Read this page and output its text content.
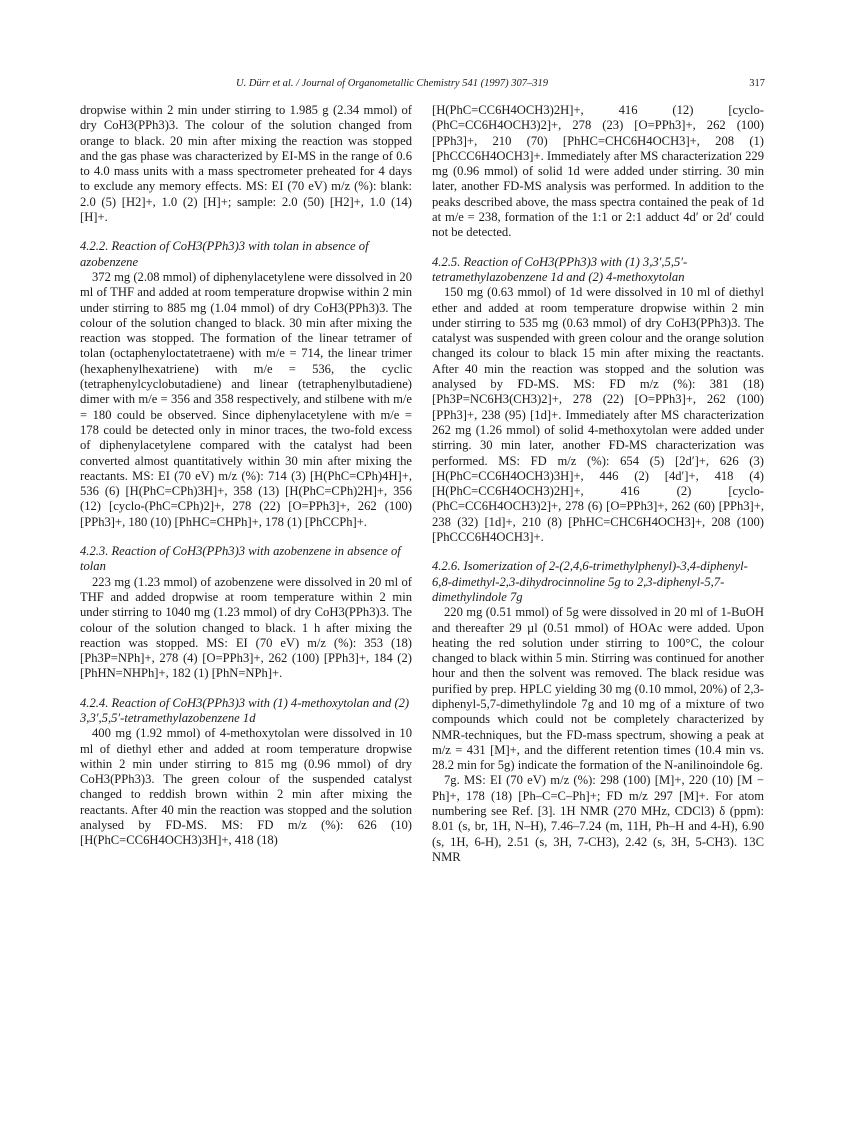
U. Dürr et al. / Journal of Organometallic Chemistry 541 (1997) 307–319	317

dropwise within 2 min under stirring to 1.985 g (2.34 mmol) of dry CoH3(PPh3)3. The colour of the solution changed from orange to black. 20 min after mixing the reaction was stopped and the gas phase was characterized by EI-MS in the range of 0.6 to 4.0 mass units with a mass spectrometer preheated for 4 days to exclude any memory effects. MS: EI (70 eV) m/z (%): blank: 2.0 (5) [H2]+, 1.0 (2) [H]+; sample: 2.0 (50) [H2]+, 1.0 (14) [H]+.

4.2.2. Reaction of CoH3(PPh3)3 with tolan in absence of azobenzene

372 mg (2.08 mmol) of diphenylacetylene were dissolved in 20 ml of THF and added at room temperature dropwise within 2 min under stirring to 885 mg (1.04 mmol) of dry CoH3(PPh3)3. The colour of the solution changed to black. 30 min after mixing the reaction was stopped. The formation of the linear tetramer of tolan (octaphenyloctatetraene) with m/e = 714, the linear trimer (hexaphenylhexatriene) with m/e = 536, the cyclic (tetraphenylcyclobutadiene) and linear (tetraphenylbutadiene) dimer with m/e = 356 and 358 respectively, and stilbene with m/e = 180 could be observed. Since diphenylacetylene with m/e = 178 could be detected only in minor traces, the two-fold excess of diphenylacetylene compared with the catalyst had been converted almost quantitatively within 30 min after mixing the reactants. MS: EI (70 eV) m/z (%): 714 (3) [H(PhC=CPh)4H]+, 536 (6) [H(PhC=CPh)3H]+, 358 (13) [H(PhC=CPh)2H]+, 356 (12) [cyclo-(PhC=CPh)2]+, 278 (22) [O=PPh3]+, 262 (100) [PPh3]+, 180 (10) [PhHC=CHPh]+, 178 (1) [PhCCPh]+.

4.2.3. Reaction of CoH3(PPh3)3 with azobenzene in absence of tolan

223 mg (1.23 mmol) of azobenzene were dissolved in 20 ml of THF and added dropwise at room temperature within 2 min under stirring to 1040 mg (1.23 mmol) of dry CoH3(PPh3)3. The colour of the solution changed to black. 1 h after mixing the reaction was stopped. MS: EI (70 eV) m/z (%): 353 (18) [Ph3P=NPh]+, 278 (4) [O=PPh3]+, 262 (100) [PPh3]+, 184 (2) [PhHN=NHPh]+, 182 (1) [PhN=NPh]+.

4.2.4. Reaction of CoH3(PPh3)3 with (1) 4-methoxytolan and (2) 3,3′,5,5′-tetramethylazobenzene 1d

400 mg (1.92 mmol) of 4-methoxytolan were dissolved in 10 ml of diethyl ether and added at room temperature dropwise within 2 min under stirring to 815 mg (0.96 mmol) of dry CoH3(PPh3)3. The green colour of the suspended catalyst changed to reddish brown within 2 min after mixing the reactants. After 40 min the reaction was stopped and the solution analysed by FD-MS. MS: FD m/z (%): 626 (10) [H(PhC=CC6H4OCH3)3H]+, 418 (18)

[H(PhC=CC6H4OCH3)2H]+, 416 (12) [cyclo-(PhC=CC6H4OCH3)2]+, 278 (23) [O=PPh3]+, 262 (100) [PPh3]+, 210 (70) [PhHC=CHC6H4OCH3]+, 208 (1) [PhCCC6H4OCH3]+. Immediately after MS characterization 229 mg (0.96 mmol) of solid 1d were added under stirring. 30 min later, another FD-MS analysis was performed. In addition to the peaks described above, the mass spectra contained the peak of 1d at m/e = 238, formation of the 1:1 or 2:1 adduct 4d′ or 2d′ could not be detected.

4.2.5. Reaction of CoH3(PPh3)3 with (1) 3,3′,5,5′-tetramethylazobenzene 1d and (2) 4-methoxytolan

150 mg (0.63 mmol) of 1d were dissolved in 10 ml of diethyl ether and added at room temperature dropwise within 2 min under stirring to 535 mg (0.63 mmol) of dry CoH3(PPh3)3. The catalyst was suspended with green colour and the orange solution changed its colour to black 15 min after mixing the reactants. After 40 min the reaction was stopped and the solution was analysed by FD-MS. MS: FD m/z (%): 381 (18) [Ph3P=NC6H3(CH3)2]+, 278 (22) [O=PPh3]+, 262 (100) [PPh3]+, 238 (95) [1d]+. Immediately after MS characterization 262 mg (1.26 mmol) of solid 4-methoxytolan were added under stirring. 30 min later, another FD-MS characterization was performed. MS: FD m/z (%): 654 (5) [2d′]+, 626 (3) [H(PhC=CC6H4OCH3)3H]+, 446 (2) [4d′]+, 418 (4) [H(PhC=CC6H4OCH3)2H]+, 416 (2) [cyclo-(PhC=CC6H4OCH3)2]+, 278 (6) [O=PPh3]+, 262 (60) [PPh3]+, 238 (32) [1d]+, 210 (8) [PhHC=CHC6H4OCH3]+, 208 (100) [PhCCC6H4OCH3]+.

4.2.6. Isomerization of 2-(2,4,6-trimethylphenyl)-3,4-diphenyl-6,8-dimethyl-2,3-dihydrocinnoline 5g to 2,3-diphenyl-5,7-dimethylindole 7g

220 mg (0.51 mmol) of 5g were dissolved in 20 ml of 1-BuOH and thereafter 29 µl (0.51 mmol) of HOAc were added. Upon heating the red solution under stirring to 100°C, the colour changed to black within 5 min. Stirring was continued for another hour and then the solvent was removed. The black residue was purified by prep. HPLC yielding 30 mg (0.10 mmol, 20%) of 2,3-diphenyl-5,7-dimethylindole 7g and 10 mg of a mixture of two compounds which could not be completely characterized by NMR-techniques, but the FD-mass spectrum, showing a peak at m/z = 431 [M]+, and the different retention times (10.4 min vs. 28.2 min for 5g) indicate the formation of the N-anilinoindole 6g.

7g. MS: EI (70 eV) m/z (%): 298 (100) [M]+, 220 (10) [M − Ph]+, 178 (18) [Ph–C=C–Ph]+; FD m/z 297 [M]+. For atom numbering see Ref. [3]. 1H NMR (270 MHz, CDCl3) δ (ppm): 8.01 (s, br, 1H, N–H), 7.46–7.24 (m, 11H, Ph–H and 4-H), 6.90 (s, 1H, 6-H), 2.51 (s, 3H, 7-CH3), 2.42 (s, 3H, 5-CH3). 13C NMR
